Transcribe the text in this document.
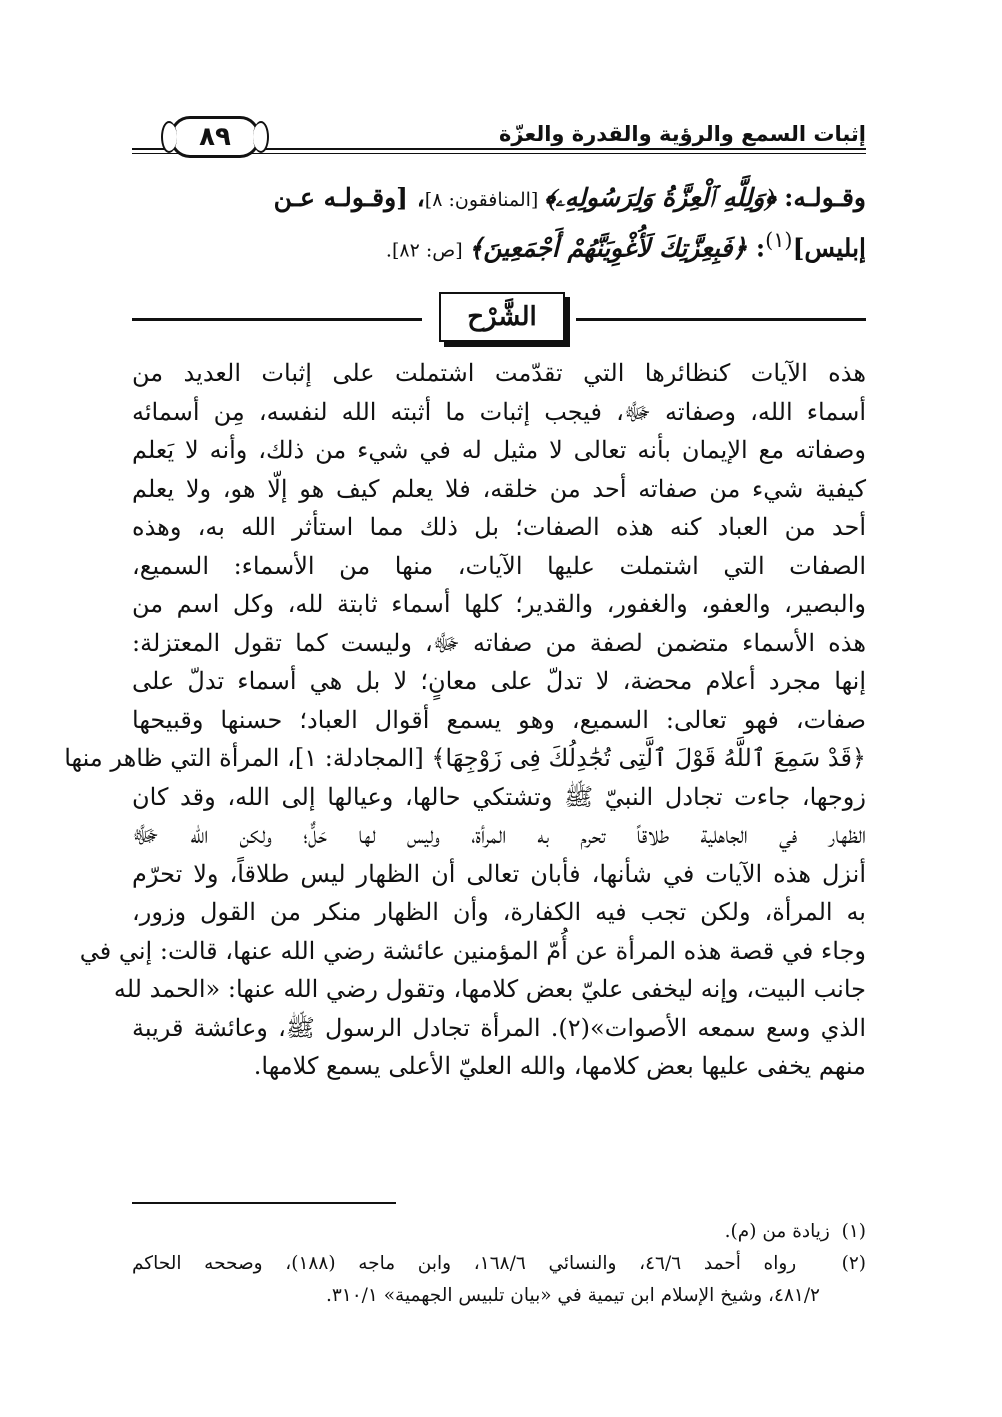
إثبات السمع والرؤية والقدرة والعزّة
٨٩
وقـولـه: ﴿وَلِلَّهِ ٱلْعِزَّةُ وَلِرَسُولِهِۦ﴾ [المنافقون: ٨]، [وقـولـه عـن
إبليس]$^{(١)}$: ﴿فَبِعِزَّتِكَ لَأُغْوِيَنَّهُمْ أَجْمَعِينَ﴾ [ص: ٨٢].
الشَّرْح
هذه الآيات كنظائرها التي تقدّمت اشتملت على إثبات العديد من
أسماء الله، وصفاته ﷻ، فيجب إثبات ما أثبته الله لنفسه، مِن أسمائه
وصفاته مع الإيمان بأنه تعالى لا مثيل له في شيء من ذلك، وأنه لا يَعلم
كيفية شيء من صفاته أحد من خلقه، فلا يعلم كيف هو إلّا هو، ولا يعلم
أحد من العباد كنه هذه الصفات؛ بل ذلك مما استأثر الله به، وهذه
الصفات التي اشتملت عليها الآيات، منها من الأسماء: السميع،
والبصير، والعفو، والغفور، والقدير؛ كلها أسماء ثابتة لله، وكل اسم من
هذه الأسماء متضمن لصفة من صفاته ﷻ، وليست كما تقول المعتزلة:
إنها مجرد أعلام محضة، لا تدلّ على معانٍ؛ لا بل هي أسماء تدلّ على
صفات، فهو تعالى: السميع، وهو يسمع أقوال العباد؛ حسنها وقبيحها
﴿قَدْ سَمِعَ ٱللَّهُ قَوْلَ ٱلَّتِى تُجَٰدِلُكَ فِى زَوْجِهَا﴾ [المجادلة: ١]، المرأة التي ظاهر منها
زوجها، جاءت تجادل النبيّ ﷺ وتشتكي حالها، وعيالها إلى الله، وقد كان
الظهار في الجاهلية طلاقاً تحرم به المرأة، وليس لها حَلٌّ؛ ولكن الله ﷻ
أنزل هذه الآيات في شأنها، فأبان تعالى أن الظهار ليس طلاقاً، ولا تحرّم
به المرأة، ولكن تجب فيه الكفارة، وأن الظهار منكر من القول وزور،
وجاء في قصة هذه المرأة عن أُمّ المؤمنين عائشة رضي الله عنها، قالت: إني في
جانب البيت، وإنه ليخفى عليّ بعض كلامها، وتقول رضي الله عنها: «الحمد لله
الذي وسع سمعه الأصوات»(٢). المرأة تجادل الرسول ﷺ، وعائشة قريبة
منهم يخفى عليها بعض كلامها، والله العليّ الأعلى يسمع كلامها.
(١)  زيادة من (م).
(٢)  رواه أحمد ٤٦/٦، والنسائي ١٦٨/٦، وابن ماجه (١٨٨)، وصححه الحاكم
٤٨١/٢، وشيخ الإسلام ابن تيمية في «بيان تلبيس الجهمية» ٣١٠/١.
